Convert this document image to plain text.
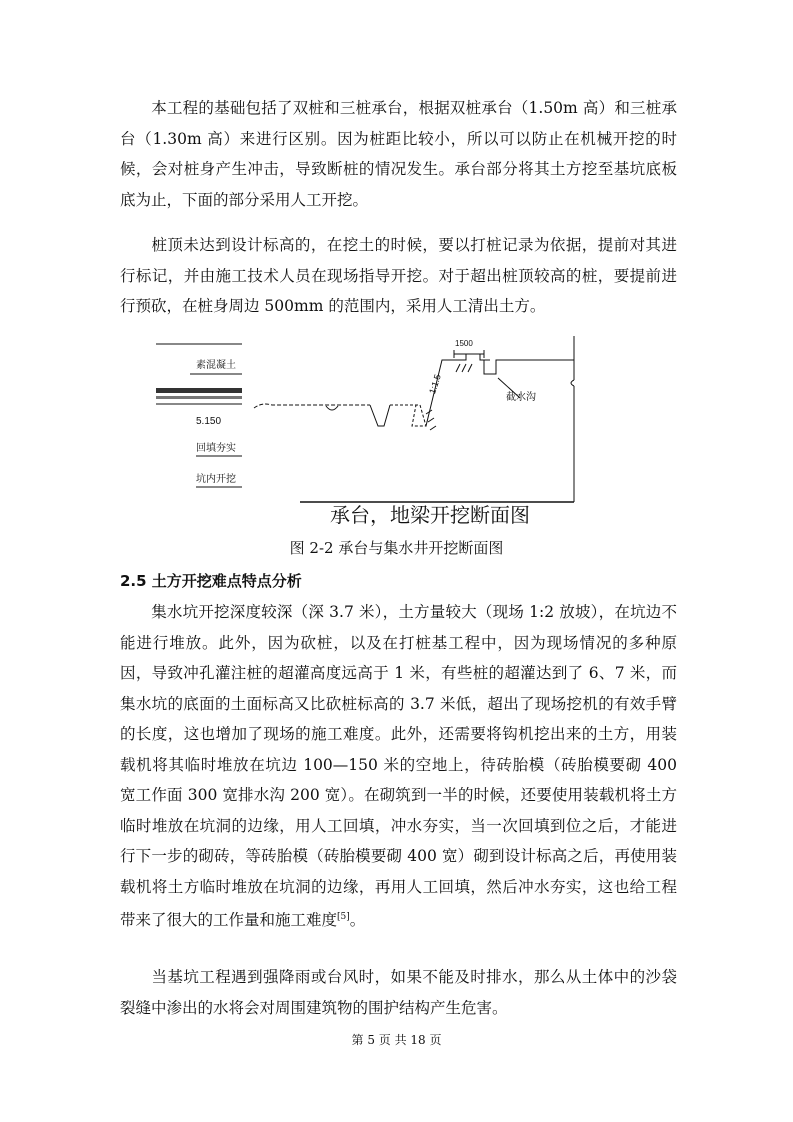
本工程的基础包括了双桩和三桩承台，根据双桩承台（1.50m 高）和三桩承台（1.30m 高）来进行区别。因为桩距比较小，所以可以防止在机械开挖的时候，会对桩身产生冲击，导致断桩的情况发生。承台部分将其土方挖至基坑底板底为止，下面的部分采用人工开挖。

桩顶未达到设计标高的，在挖土的时候，要以打桩记录为依据，提前对其进行标记，并由施工技术人员在现场指导开挖。对于超出桩顶较高的桩，要提前进行预砍，在桩身周边 500mm 的范围内，采用人工清出土方。

素混凝土
5.150
回填夯实
坑内开挖
1500
1:1.5
截水沟
承台，地梁开挖断面图
图 2-2 承台与集水井开挖断面图
2.5 土方开挖难点特点分析

集水坑开挖深度较深（深 3.7 米），土方量较大（现场 1:2 放坡），在坑边不能进行堆放。此外，因为砍桩，以及在打桩基工程中，因为现场情况的多种原因，导致冲孔灌注桩的超灌高度远高于 1 米，有些桩的超灌达到了 6、7 米，而集水坑的底面的土面标高又比砍桩标高的 3.7 米低，超出了现场挖机的有效手臂的长度，这也增加了现场的施工难度。此外，还需要将钩机挖出来的土方，用装载机将其临时堆放在坑边 100—150 米的空地上，待砖胎模（砖胎模要砌 400 宽工作面 300 宽排水沟 200 宽）。在砌筑到一半的时候，还要使用装载机将土方临时堆放在坑洞的边缘，用人工回填，冲水夯实，当一次回填到位之后，才能进行下一步的砌砖，等砖胎模（砖胎模要砌 400 宽）砌到设计标高之后，再使用装载机将土方临时堆放在坑洞的边缘，再用人工回填，然后冲水夯实，这也给工程带来了很大的工作量和施工难度[5]。

当基坑工程遇到强降雨或台风时，如果不能及时排水，那么从土体中的沙袋裂缝中渗出的水将会对周围建筑物的围护结构产生危害。

第 5 页 共 18 页
